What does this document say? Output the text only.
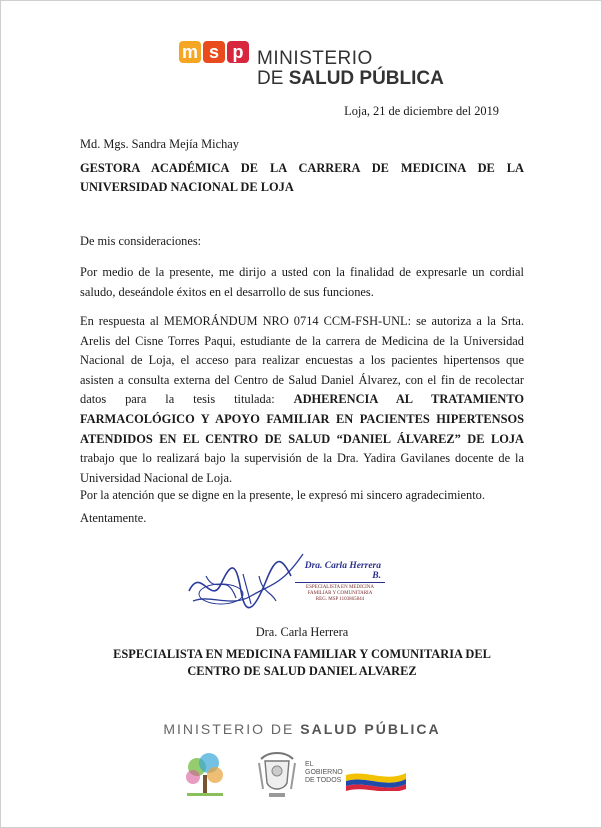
m s p MINISTERIO
DE SALUD PÚBLICA
Loja, 21 de diciembre del 2019
Md. Mgs. Sandra Mejía Michay
GESTORA ACADÉMICA DE LA CARRERA DE MEDICINA DE LA UNIVERSIDAD NACIONAL DE LOJA
De mis consideraciones:
Por medio de la presente, me dirijo a usted con la finalidad de expresarle un cordial saludo, deseándole éxitos en el desarrollo de sus funciones.
En respuesta al MEMORÁNDUM NRO 0714 CCM-FSH-UNL: se autoriza a la Srta. Arelis del Cisne Torres Paqui, estudiante de la carrera de Medicina de la Universidad Nacional de Loja, el acceso para realizar encuestas a los pacientes hipertensos que asisten a consulta externa del Centro de Salud Daniel Álvarez, con el fin de recolectar datos para la tesis titulada: ADHERENCIA AL TRATAMIENTO FARMACOLÓGICO Y APOYO FAMILIAR EN PACIENTES HIPERTENSOS ATENDIDOS EN EL CENTRO DE SALUD “DANIEL ÁLVAREZ” DE LOJA trabajo que lo realizará bajo la supervisión de la Dra. Yadira Gavilanes docente de la Universidad Nacional de Loja.
Por la atención que se digne en la presente, le expresó mi sincero agradecimiento.
Atentamente.
Dra. Carla Herrera B.
ESPECIALISTA EN MEDICINA
FAMILIAR Y COMUNITARIA
REG. MSP 1103865844
Dra. Carla Herrera
ESPECIALISTA EN MEDICINA FAMILIAR Y COMUNITARIA DEL
CENTRO DE SALUD DANIEL ALVAREZ
MINISTERIO DE SALUD PÚBLICA
EL
GOBIERNO
DE TODOS
